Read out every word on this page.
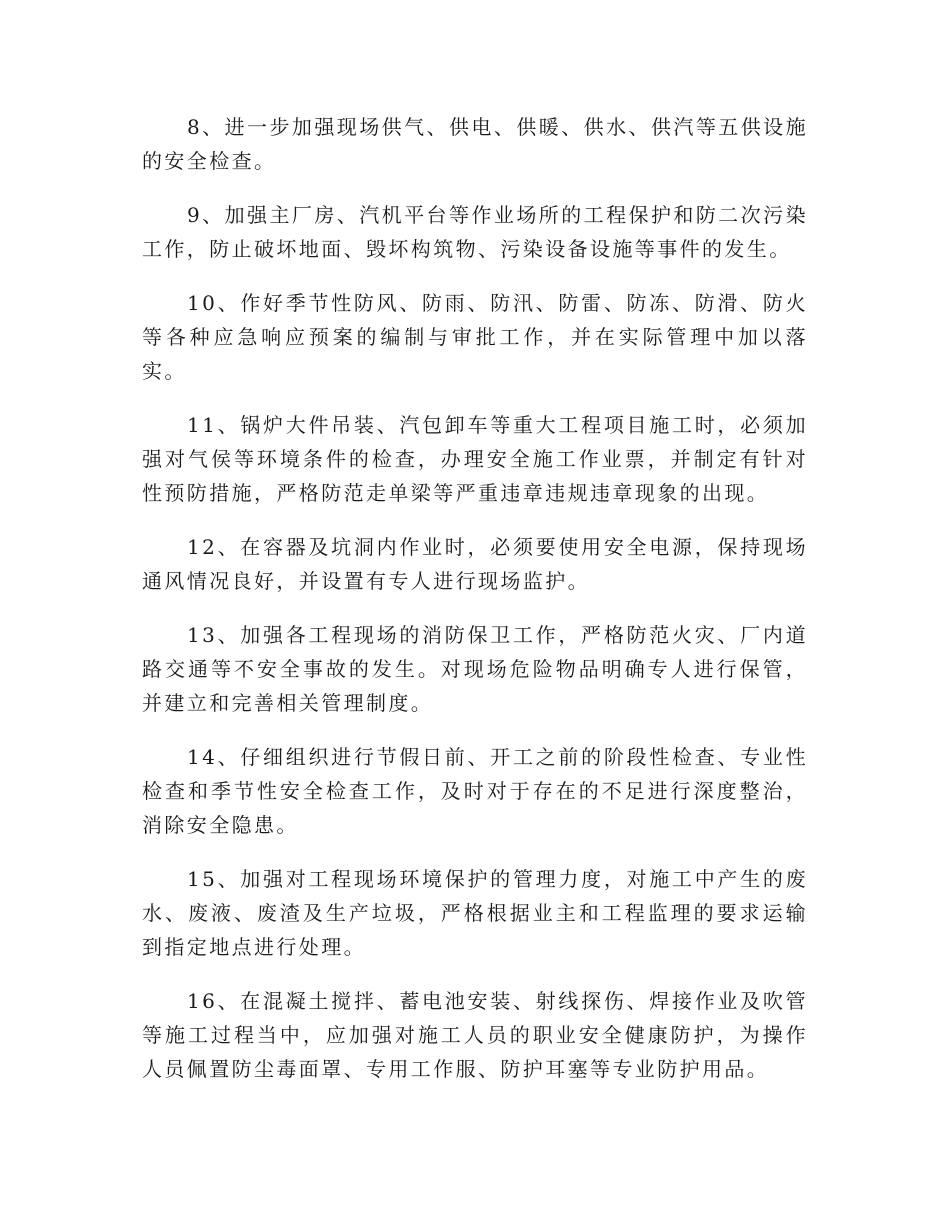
8、进一步加强现场供气、供电、供暖、供水、供汽等五供设施的安全检查。

9、加强主厂房、汽机平台等作业场所的工程保护和防二次污染工作，防止破坏地面、毁坏构筑物、污染设备设施等事件的发生。

10、作好季节性防风、防雨、防汛、防雷、防冻、防滑、防火等各种应急响应预案的编制与审批工作，并在实际管理中加以落实。

11、锅炉大件吊装、汽包卸车等重大工程项目施工时，必须加强对气侯等环境条件的检查，办理安全施工作业票，并制定有针对性预防措施，严格防范走单梁等严重违章违规违章现象的出现。

12、在容器及坑洞内作业时，必须要使用安全电源，保持现场通风情况良好，并设置有专人进行现场监护。

13、加强各工程现场的消防保卫工作，严格防范火灾、厂内道路交通等不安全事故的发生。对现场危险物品明确专人进行保管，并建立和完善相关管理制度。

14、仔细组织进行节假日前、开工之前的阶段性检查、专业性检查和季节性安全检查工作，及时对于存在的不足进行深度整治，消除安全隐患。

15、加强对工程现场环境保护的管理力度，对施工中产生的废水、废液、废渣及生产垃圾，严格根据业主和工程监理的要求运输到指定地点进行处理。

16、在混凝土搅拌、蓄电池安装、射线探伤、焊接作业及吹管等施工过程当中，应加强对施工人员的职业安全健康防护，为操作人员佩置防尘毒面罩、专用工作服、防护耳塞等专业防护用品。
